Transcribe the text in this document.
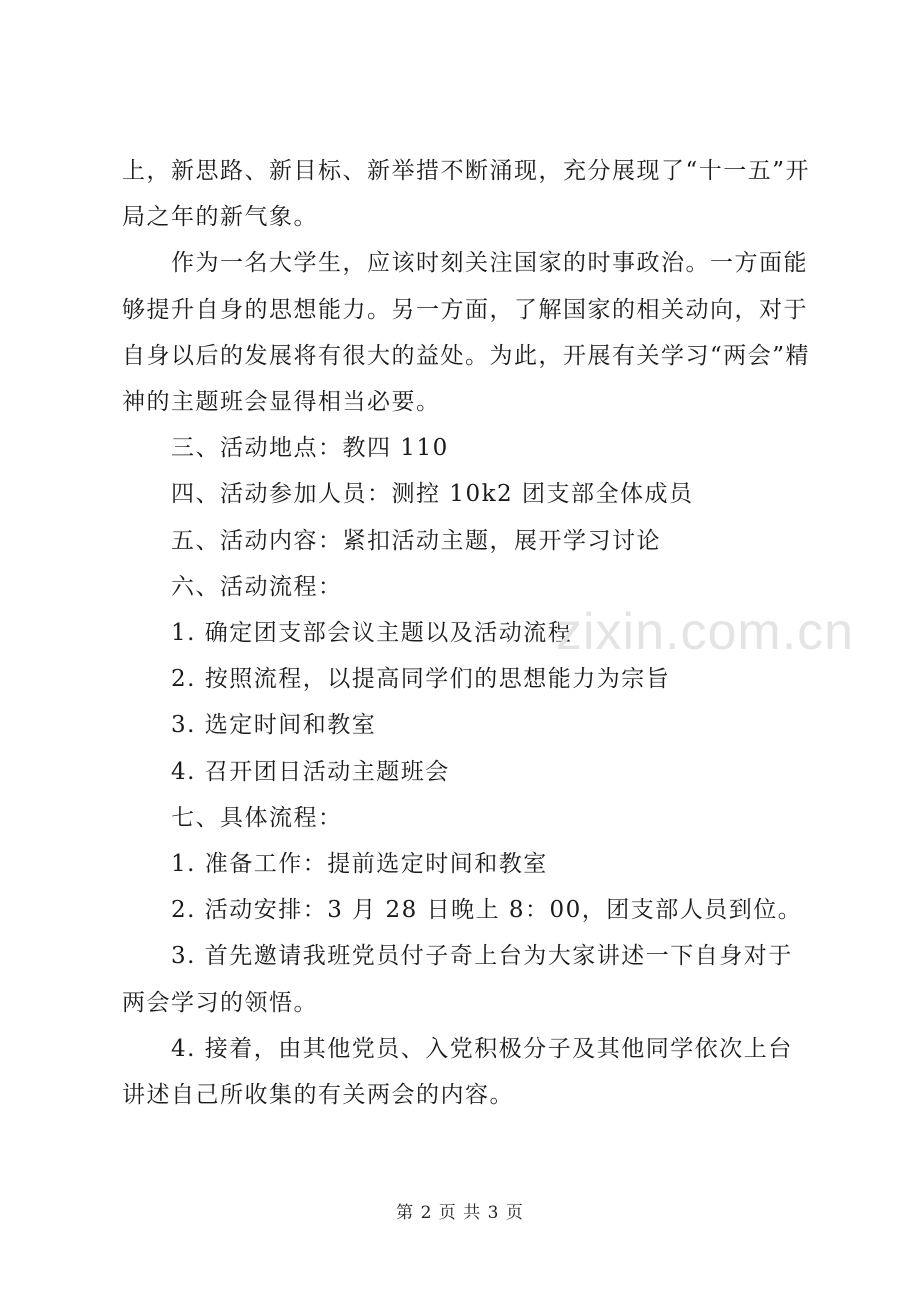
上，新思路、新目标、新举措不断涌现，充分展现了“十一五”开局之年的新气象。

作为一名大学生，应该时刻关注国家的时事政治。一方面能够提升自身的思想能力。另一方面，了解国家的相关动向，对于自身以后的发展将有很大的益处。为此，开展有关学习“两会”精神的主题班会显得相当必要。

三、活动地点：教四 110

四、活动参加人员：测控 10k2 团支部全体成员

五、活动内容：紧扣活动主题，展开学习讨论

六、活动流程：

1. 确定团支部会议主题以及活动流程

2. 按照流程，以提高同学们的思想能力为宗旨

3. 选定时间和教室

4. 召开团日活动主题班会

七、具体流程：

1. 准备工作：提前选定时间和教室

2. 活动安排：3 月 28 日晚上 8：00，团支部人员到位。

3. 首先邀请我班党员付子奇上台为大家讲述一下自身对于两会学习的领悟。

4. 接着，由其他党员、入党积极分子及其他同学依次上台讲述自己所收集的有关两会的内容。

zixin.com.cn
第 2 页 共 3 页
